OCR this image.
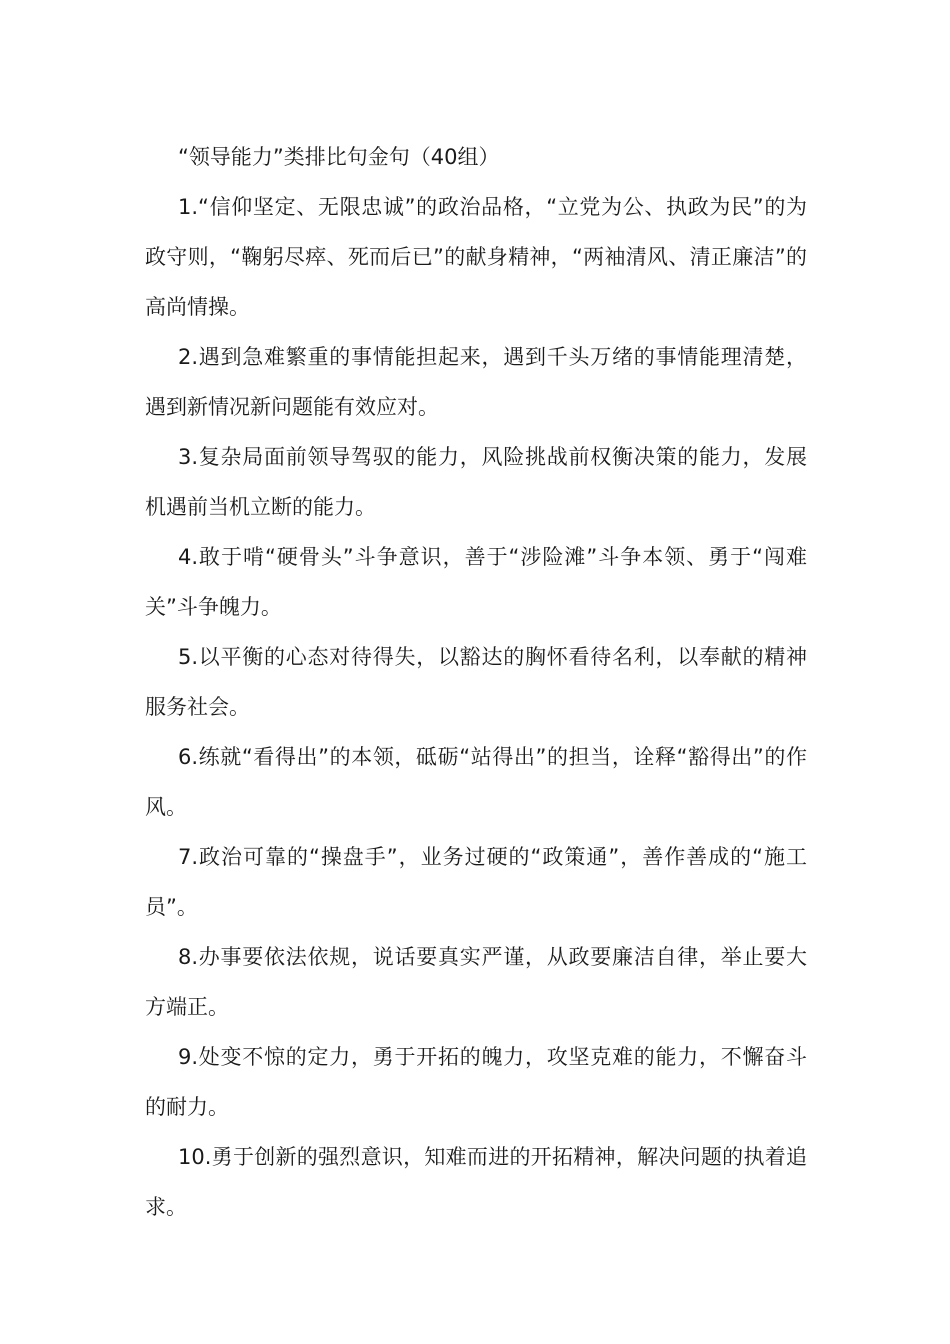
“领导能力”类排比句金句（40组）

1.“信仰坚定、无限忠诚”的政治品格，“立党为公、执政为民”的为政守则，“鞠躬尽瘁、死而后已”的献身精神，“两袖清风、清正廉洁”的高尚情操。

2.遇到急难繁重的事情能担起来，遇到千头万绪的事情能理清楚，遇到新情况新问题能有效应对。

3.复杂局面前领导驾驭的能力，风险挑战前权衡决策的能力，发展机遇前当机立断的能力。

4.敢于啃“硬骨头”斗争意识，善于“涉险滩”斗争本领、勇于“闯难关”斗争魄力。

5.以平衡的心态对待得失，以豁达的胸怀看待名利，以奉献的精神服务社会。

6.练就“看得出”的本领，砥砺“站得出”的担当，诠释“豁得出”的作风。

7.政治可靠的“操盘手”，业务过硬的“政策通”，善作善成的“施工员”。

8.办事要依法依规，说话要真实严谨，从政要廉洁自律，举止要大方端正。

9.处变不惊的定力，勇于开拓的魄力，攻坚克难的能力，不懈奋斗的耐力。

10.勇于创新的强烈意识，知难而进的开拓精神，解决问题的执着追求。
